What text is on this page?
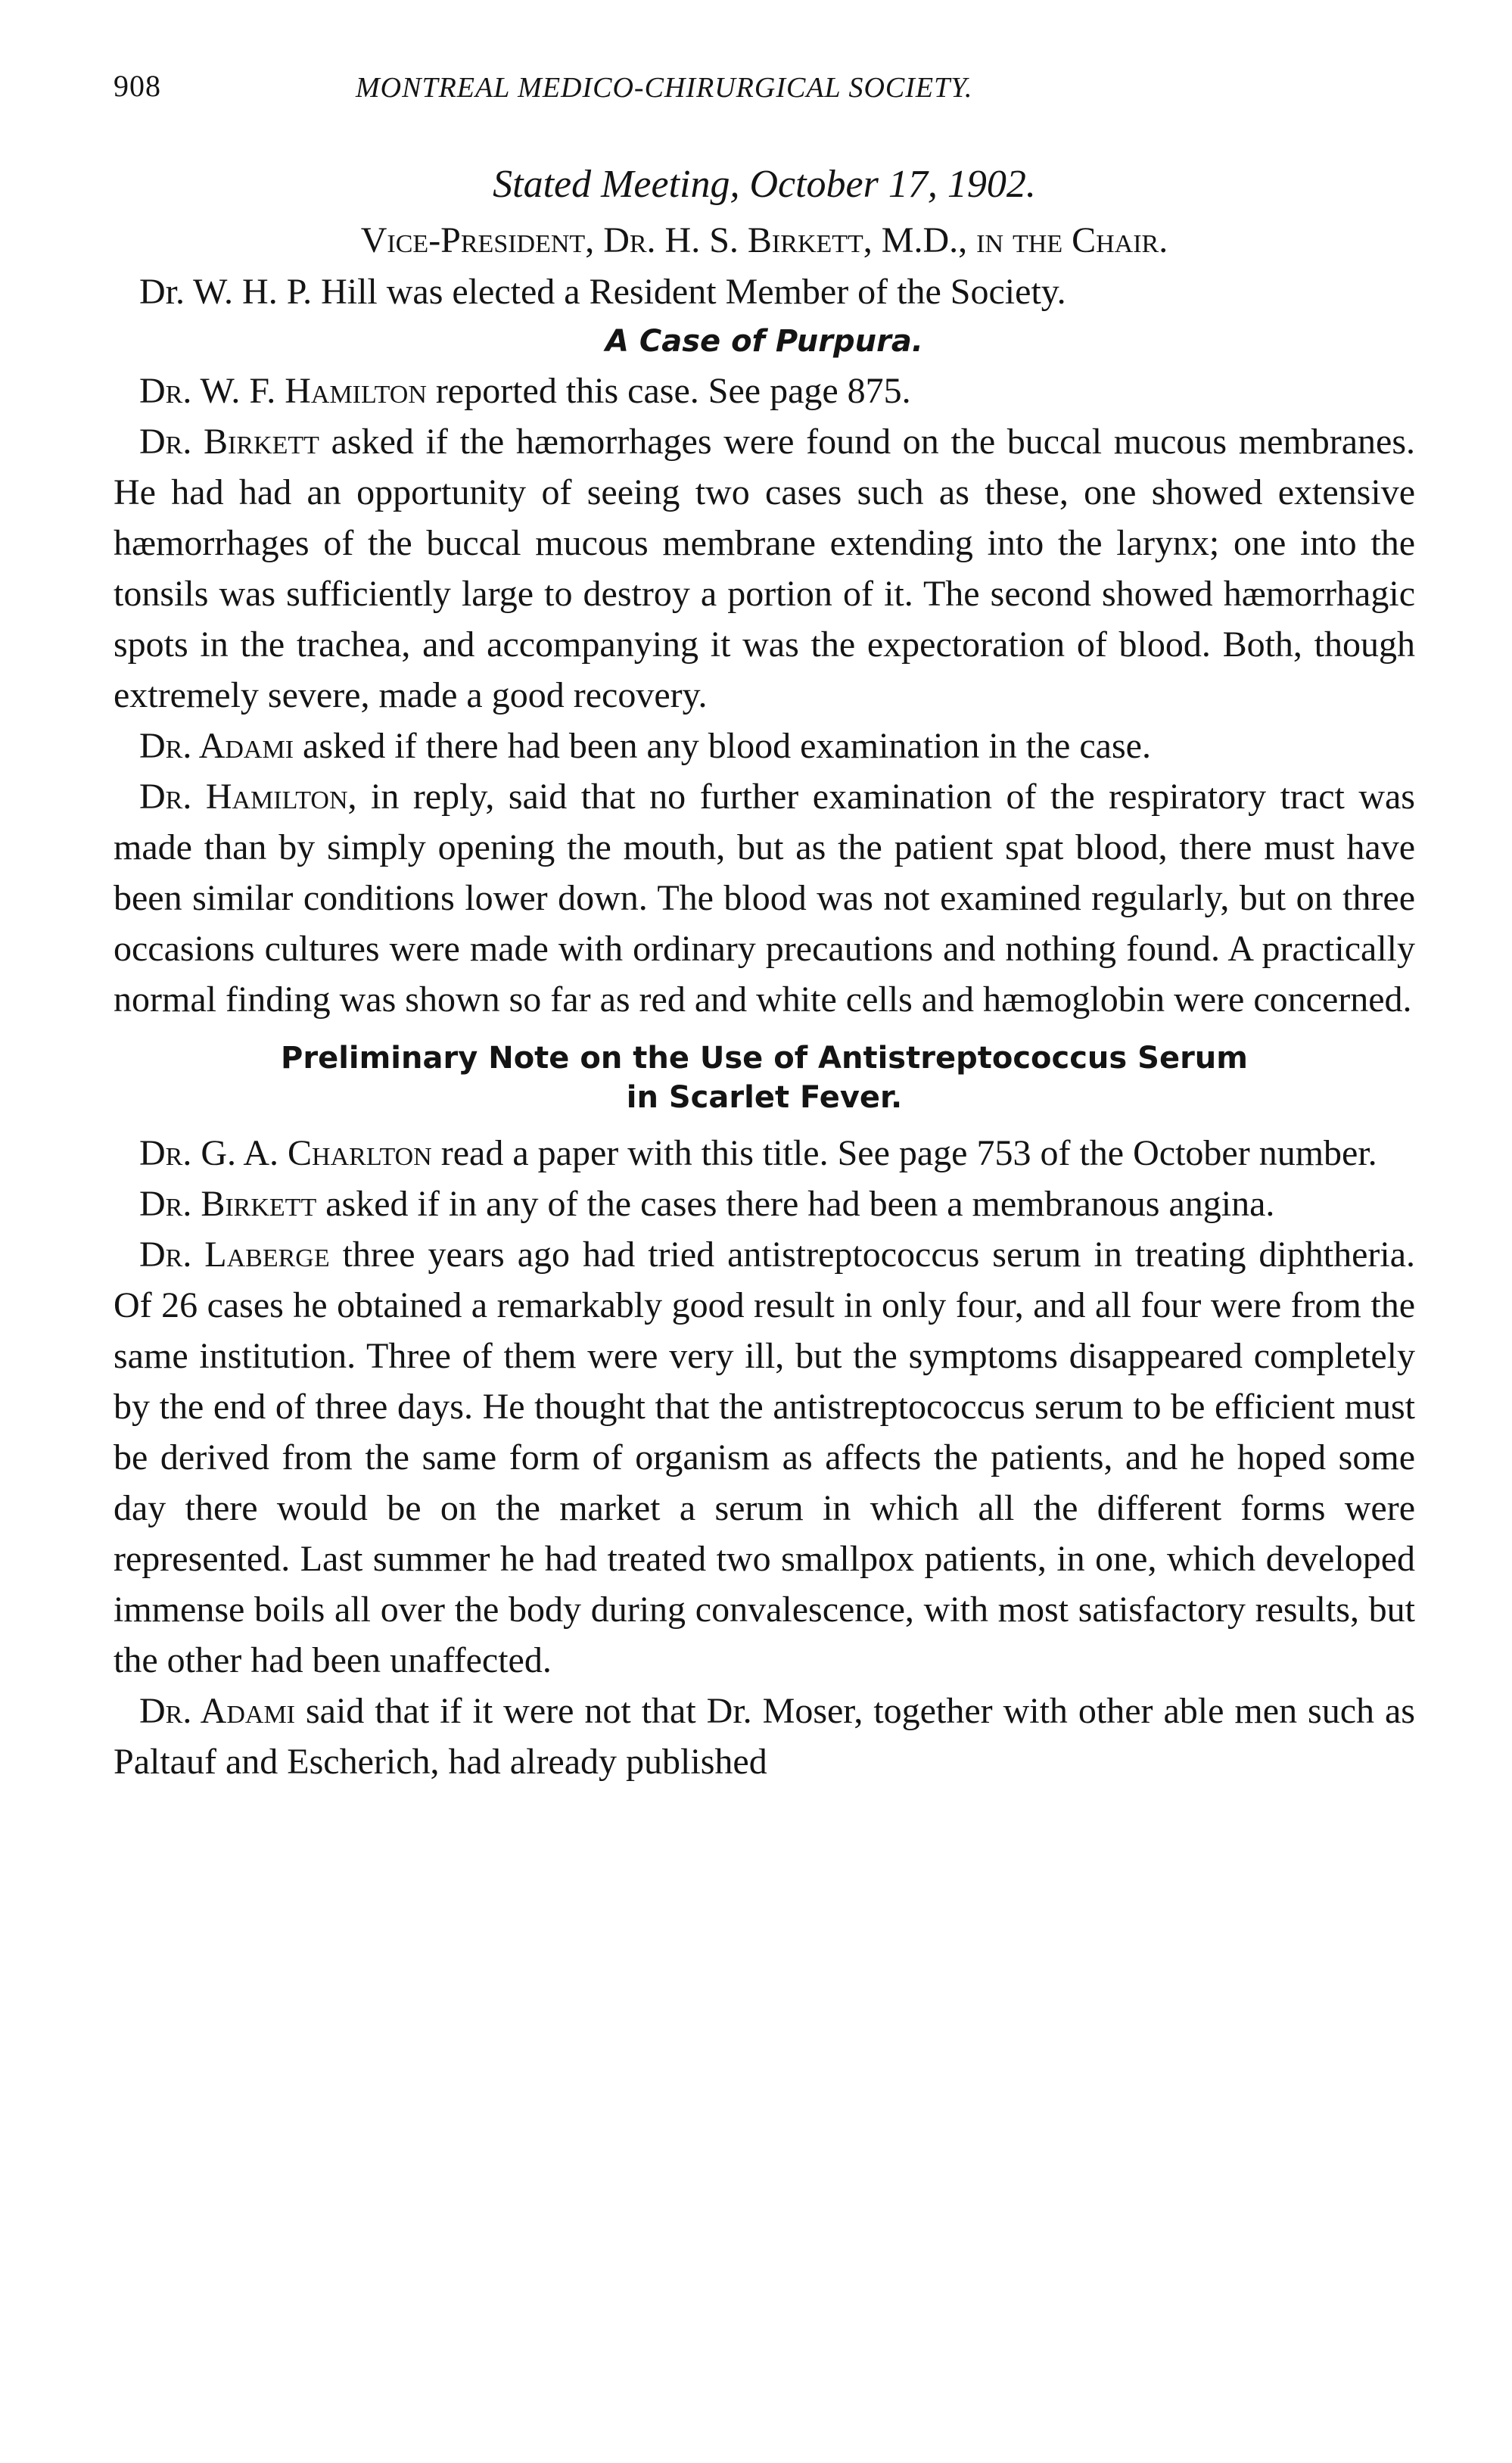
908	MONTREAL MEDICO-CHIRURGICAL SOCIETY.
Stated Meeting, October 17, 1902.
Vice-President, Dr. H. S. Birkett, M.D., in the Chair.

Dr. W. H. P. Hill was elected a Resident Member of the Society.

A Case of Purpura.

Dr. W. F. Hamilton reported this case. See page 875.

Dr. Birkett asked if the hæmorrhages were found on the buccal mucous membranes. He had had an opportunity of seeing two cases such as these, one showed extensive hæmorrhages of the buccal mucous membrane extending into the larynx; one into the tonsils was sufficiently large to destroy a portion of it. The second showed hæmorrhagic spots in the trachea, and accompanying it was the expectoration of blood. Both, though extremely severe, made a good recovery.

Dr. Adami asked if there had been any blood examination in the case.

Dr. Hamilton, in reply, said that no further examination of the respiratory tract was made than by simply opening the mouth, but as the patient spat blood, there must have been similar conditions lower down. The blood was not examined regularly, but on three occasions cultures were made with ordinary precautions and nothing found. A practically normal finding was shown so far as red and white cells and hæmoglobin were concerned.

Preliminary Note on the Use of Antistreptococcus Serum
in Scarlet Fever.

Dr. G. A. Charlton read a paper with this title. See page 753 of the October number.

Dr. Birkett asked if in any of the cases there had been a membranous angina.

Dr. Laberge three years ago had tried antistreptococcus serum in treating diphtheria. Of 26 cases he obtained a remarkably good result in only four, and all four were from the same institution. Three of them were very ill, but the symptoms disappeared completely by the end of three days. He thought that the antistreptococcus serum to be efficient must be derived from the same form of organism as affects the patients, and he hoped some day there would be on the market a serum in which all the different forms were represented. Last summer he had treated two smallpox patients, in one, which developed immense boils all over the body during convalescence, with most satisfactory results, but the other had been unaffected.

Dr. Adami said that if it were not that Dr. Moser, together with other able men such as Paltauf and Escherich, had already published
